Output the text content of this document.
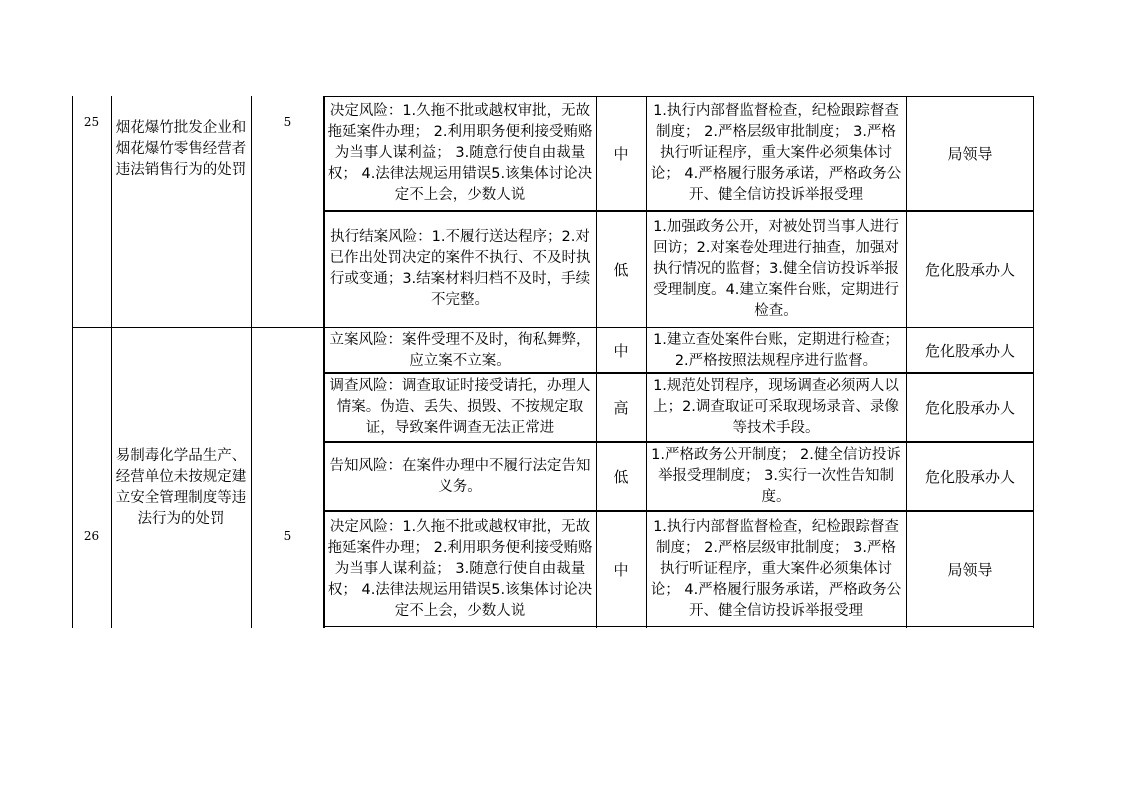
25 烟花爆竹批发企业和烟花爆竹零售经营者违法销售行为的处罚
5
决定风险：1.久拖不批或越权审批，无故拖延案件办理； 2.利用职务便利接受贿赂为当事人谋利益； 3.随意行使自由裁量权； 4.法律法规运用错误5.该集体讨论决定不上会，少数人说
中
1.执行内部督监督检查，纪检跟踪督查制度； 2.严格层级审批制度； 3.严格执行听证程序，重大案件必须集体讨论； 4.严格履行服务承诺，严格政务公开、健全信访投诉举报受理
局领导
执行结案风险：1.不履行送达程序；2.对已作出处罚决定的案件不执行、不及时执行或变通；3.结案材料归档不及时，手续不完整。
低
1.加强政务公开，对被处罚当事人进行回访；2.对案卷处理进行抽查，加强对执行情况的监督；3.健全信访投诉举报受理制度。4.建立案件台账，定期进行检查。
危化股承办人
26
易制毒化学品生产、经营单位未按规定建立安全管理制度等违法行为的处罚
5
立案风险：案件受理不及时，徇私舞弊，应立案不立案。
中
1.建立查处案件台账，定期进行检查；2.严格按照法规程序进行监督。
危化股承办人
调查风险：调查取证时接受请托，办理人情案。伪造、丢失、损毁、不按规定取证，导致案件调查无法正常进
高
1.规范处罚程序，现场调查必须两人以上；2.调查取证可采取现场录音、录像等技术手段。
危化股承办人
告知风险：在案件办理中不履行法定告知义务。
低
1.严格政务公开制度； 2.健全信访投诉举报受理制度； 3.实行一次性告知制度。
危化股承办人
决定风险：1.久拖不批或越权审批，无故拖延案件办理； 2.利用职务便利接受贿赂为当事人谋利益； 3.随意行使自由裁量权； 4.法律法规运用错误5.该集体讨论决定不上会，少数人说
中
1.执行内部督监督检查，纪检跟踪督查制度； 2.严格层级审批制度； 3.严格执行听证程序，重大案件必须集体讨论； 4.严格履行服务承诺，严格政务公开、健全信访投诉举报受理
局领导
